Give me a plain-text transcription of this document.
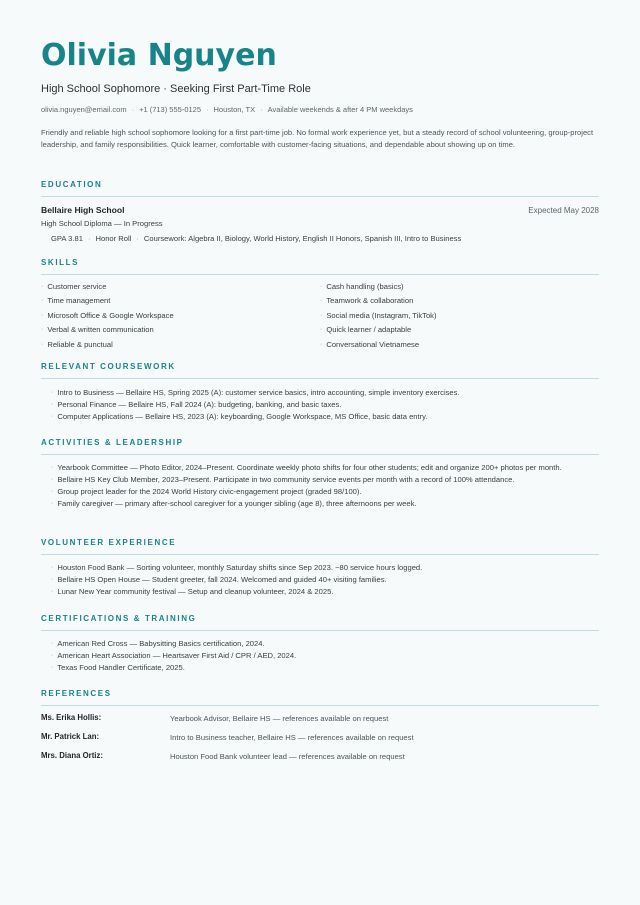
Olivia Nguyen
High School Sophomore · Seeking First Part-Time Role
olivia.nguyen@email.com · +1 (713) 555-0125 · Houston, TX · Available weekends & after 4 PM weekdays
Friendly and reliable high school sophomore looking for a first part-time job. No formal work experience yet, but a steady record of school volunteering, group-project leadership, and family responsibilities. Quick learner, comfortable with customer-facing situations, and dependable about showing up on time.
EDUCATION
Bellaire High School	Expected May 2028
High School Diploma — In Progress
GPA 3.81 · Honor Roll · Coursework: Algebra II, Biology, World History, English II Honors, Spanish III, Intro to Business
SKILLS
· Customer service
· Time management
· Microsoft Office & Google Workspace
· Verbal & written communication
· Reliable & punctual
· Cash handling (basics)
· Teamwork & collaboration
· Social media (Instagram, TikTok)
· Quick learner / adaptable
· Conversational Vietnamese
RELEVANT COURSEWORK
· Intro to Business — Bellaire HS, Spring 2025 (A): customer service basics, intro accounting, simple inventory exercises.
· Personal Finance — Bellaire HS, Fall 2024 (A): budgeting, banking, and basic taxes.
· Computer Applications — Bellaire HS, 2023 (A): keyboarding, Google Workspace, MS Office, basic data entry.
ACTIVITIES & LEADERSHIP
· Yearbook Committee — Photo Editor, 2024–Present. Coordinate weekly photo shifts for four other students; edit and organize 200+ photos per month.
· Bellaire HS Key Club Member, 2023–Present. Participate in two community service events per month with a record of 100% attendance.
· Group project leader for the 2024 World History civic-engagement project (graded 98/100).
· Family caregiver — primary after-school caregiver for a younger sibling (age 8), three afternoons per week.
VOLUNTEER EXPERIENCE
· Houston Food Bank — Sorting volunteer, monthly Saturday shifts since Sep 2023. ~80 service hours logged.
· Bellaire HS Open House — Student greeter, fall 2024. Welcomed and guided 40+ visiting families.
· Lunar New Year community festival — Setup and cleanup volunteer, 2024 & 2025.
CERTIFICATIONS & TRAINING
· American Red Cross — Babysitting Basics certification, 2024.
· American Heart Association — Heartsaver First Aid / CPR / AED, 2024.
· Texas Food Handler Certificate, 2025.
REFERENCES
Ms. Erika Hollis:	Yearbook Advisor, Bellaire HS — references available on request
Mr. Patrick Lan:	Intro to Business teacher, Bellaire HS — references available on request
Mrs. Diana Ortiz:	Houston Food Bank volunteer lead — references available on request
